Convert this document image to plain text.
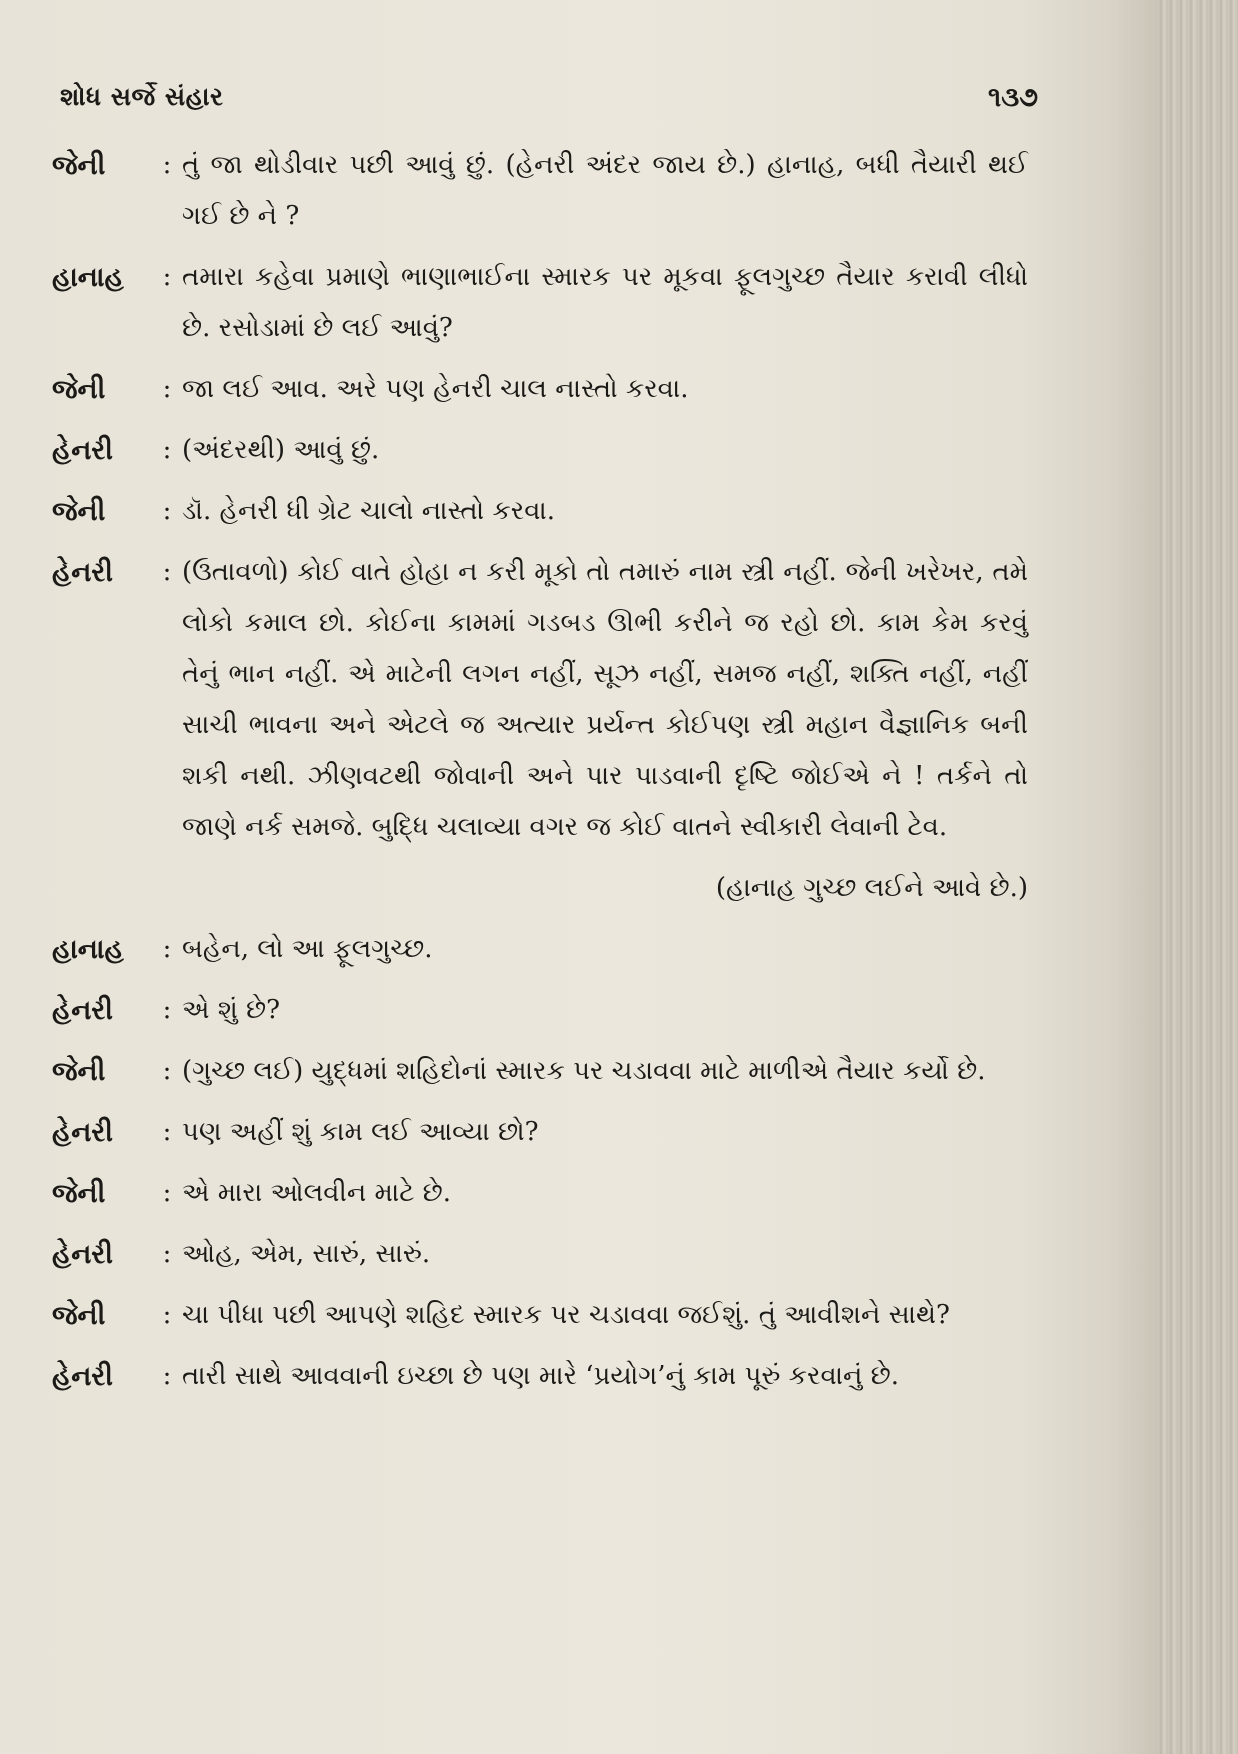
શોધ સર્જે સંહાર	૧૩૭
જેની	: તું જા થોડીવાર પછી આવું છું. (હેનરી અંદર જાય છે.) હાનાહ, બધી તૈયારી થઈ ગઈ છે ને ?
હાનાહ	: તમારા કહેવા પ્રમાણે ભાણાભાઈના સ્મારક પર મૂકવા ફૂલગુચ્છ તૈયાર કરાવી લીધો છે. રસોડામાં છે લઈ આવું?
જેની	: જા લઈ આવ. અરે પણ હેનરી ચાલ નાસ્તો કરવા.
હેનરી	: (અંદરથી) આવું છું.
જેની	: ડૉ. હેનરી ધી ગ્રેટ ચાલો નાસ્તો કરવા.
હેનરી	: (ઉતાવળો) કોઈ વાતે હોહા ન કરી મૂકો તો તમારું નામ સ્ત્રી નહીં. જેની ખરેખર, તમે લોકો કમાલ છો. કોઈના કામમાં ગડબડ ઊભી કરીને જ રહો છો. કામ કેમ કરવું તેનું ભાન નહીં. એ માટેની લગન નહીં, સૂઝ નહીં, સમજ નહીં, શક્તિ નહીં, નહીં સાચી ભાવના અને એટલે જ અત્યાર પ્રર્યન્ત કોઈપણ સ્ત્રી મહાન વૈજ્ઞાનિક બની શકી નથી. ઝીણવટથી જોવાની અને પાર પાડવાની દૃષ્ટિ જોઈએ ને ! તર્કને તો જાણે નર્ક સમજે. બુદ્ધિ ચલાવ્યા વગર જ કોઈ વાતને સ્વીકારી લેવાની ટેવ.
(હાનાહ ગુચ્છ લઈને આવે છે.)
હાનાહ	: બહેન, લો આ ફૂલગુચ્છ.
હેનરી	: એ શું છે?
જેની	: (ગુચ્છ લઈ) યુદ્ધમાં શહિદોનાં સ્મારક પર ચડાવવા માટે માળીએ તૈયાર કર્યો છે.
હેનરી	: પણ અહીં શું કામ લઈ આવ્યા છો?
જેની	: એ મારા ઓલવીન માટે છે.
હેનરી	: ઓહ, એમ, સારું, સારું.
જેની	: ચા પીધા પછી આપણે શહિદ સ્મારક પર ચડાવવા જઈશું. તું આવીશને સાથે?
હેનરી	: તારી સાથે આવવાની ઇચ્છા છે પણ મારે ‘પ્રયોગ’નું કામ પૂરું કરવાનું છે.
